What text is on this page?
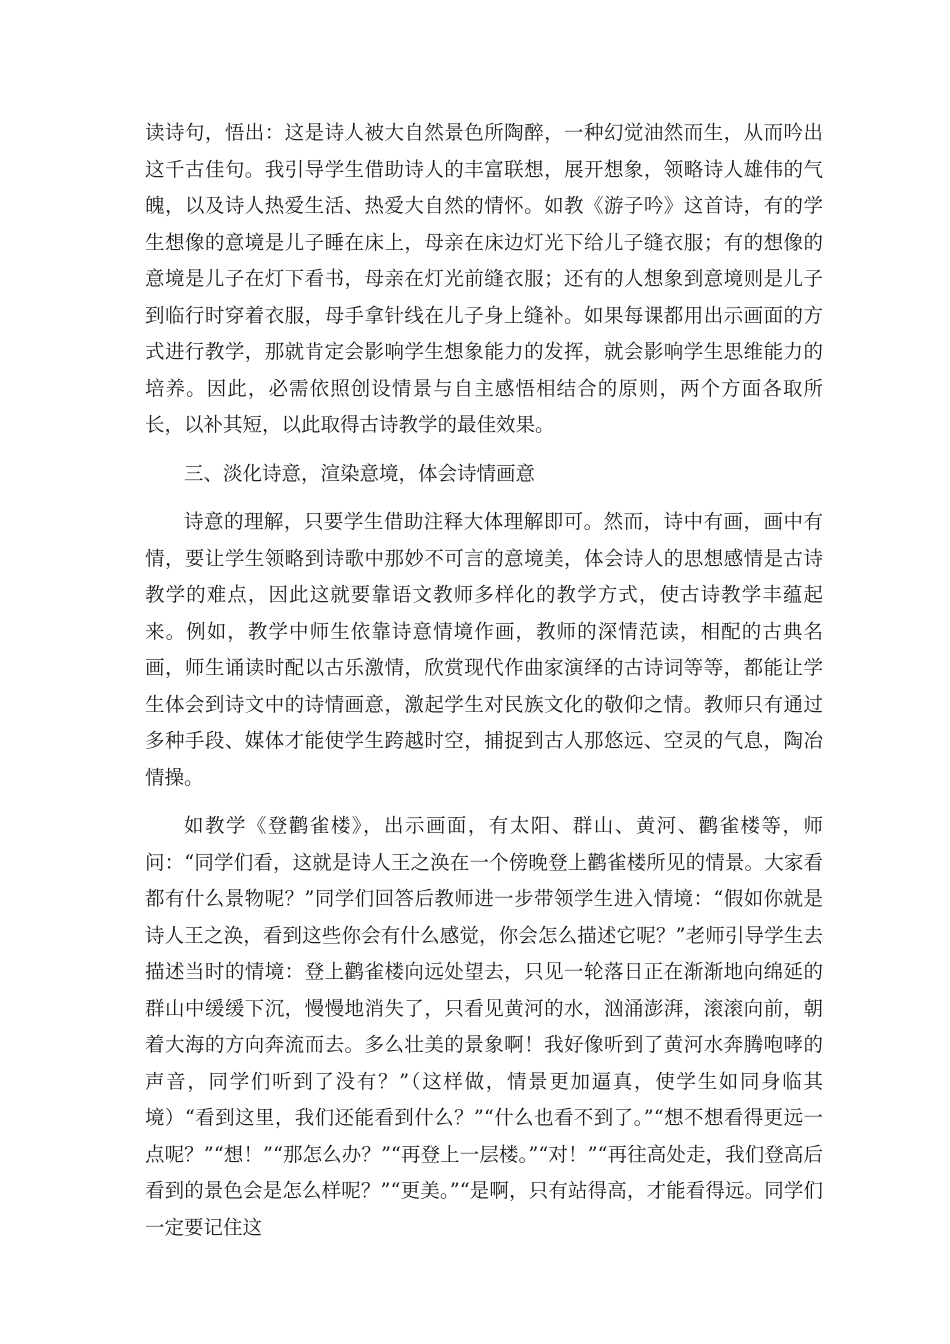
读诗句，悟出：这是诗人被大自然景色所陶醉，一种幻觉油然而生，从而吟出这千古佳句。我引导学生借助诗人的丰富联想，展开想象，领略诗人雄伟的气魄，以及诗人热爱生活、热爱大自然的情怀。如教《游子吟》这首诗，有的学生想像的意境是儿子睡在床上，母亲在床边灯光下给儿子缝衣服；有的想像的意境是儿子在灯下看书，母亲在灯光前缝衣服；还有的人想象到意境则是儿子到临行时穿着衣服，母手拿针线在儿子身上缝补。如果每课都用出示画面的方式进行教学，那就肯定会影响学生想象能力的发挥，就会影响学生思维能力的培养。因此，必需依照创设情景与自主感悟相结合的原则，两个方面各取所长，以补其短，以此取得古诗教学的最佳效果。

三、淡化诗意，渲染意境，体会诗情画意

诗意的理解，只要学生借助注释大体理解即可。然而，诗中有画，画中有情，要让学生领略到诗歌中那妙不可言的意境美，体会诗人的思想感情是古诗教学的难点，因此这就要靠语文教师多样化的教学方式，使古诗教学丰蕴起来。例如，教学中师生依靠诗意情境作画，教师的深情范读，相配的古典名画，师生诵读时配以古乐激情，欣赏现代作曲家演绎的古诗词等等，都能让学生体会到诗文中的诗情画意，激起学生对民族文化的敬仰之情。教师只有通过多种手段、媒体才能使学生跨越时空，捕捉到古人那悠远、空灵的气息，陶冶情操。

如教学《登鹳雀楼》，出示画面，有太阳、群山、黄河、鹳雀楼等，师问：“同学们看，这就是诗人王之涣在一个傍晚登上鹳雀楼所见的情景。大家看都有什么景物呢？”同学们回答后教师进一步带领学生进入情境：“假如你就是诗人王之涣，看到这些你会有什么感觉，你会怎么描述它呢？”老师引导学生去描述当时的情境：登上鹳雀楼向远处望去，只见一轮落日正在渐渐地向绵延的群山中缓缓下沉，慢慢地消失了，只看见黄河的水，汹涌澎湃，滚滚向前，朝着大海的方向奔流而去。多么壮美的景象啊！我好像听到了黄河水奔腾咆哮的声音，同学们听到了没有？”（这样做，情景更加逼真，使学生如同身临其境）“看到这里，我们还能看到什么？”“什么也看不到了。”“想不想看得更远一点呢？”“想！”“那怎么办？”“再登上一层楼。”“对！”“再往高处走，我们登高后看到的景色会是怎么样呢？”“更美。”“是啊，只有站得高，才能看得远。同学们一定要记住这
